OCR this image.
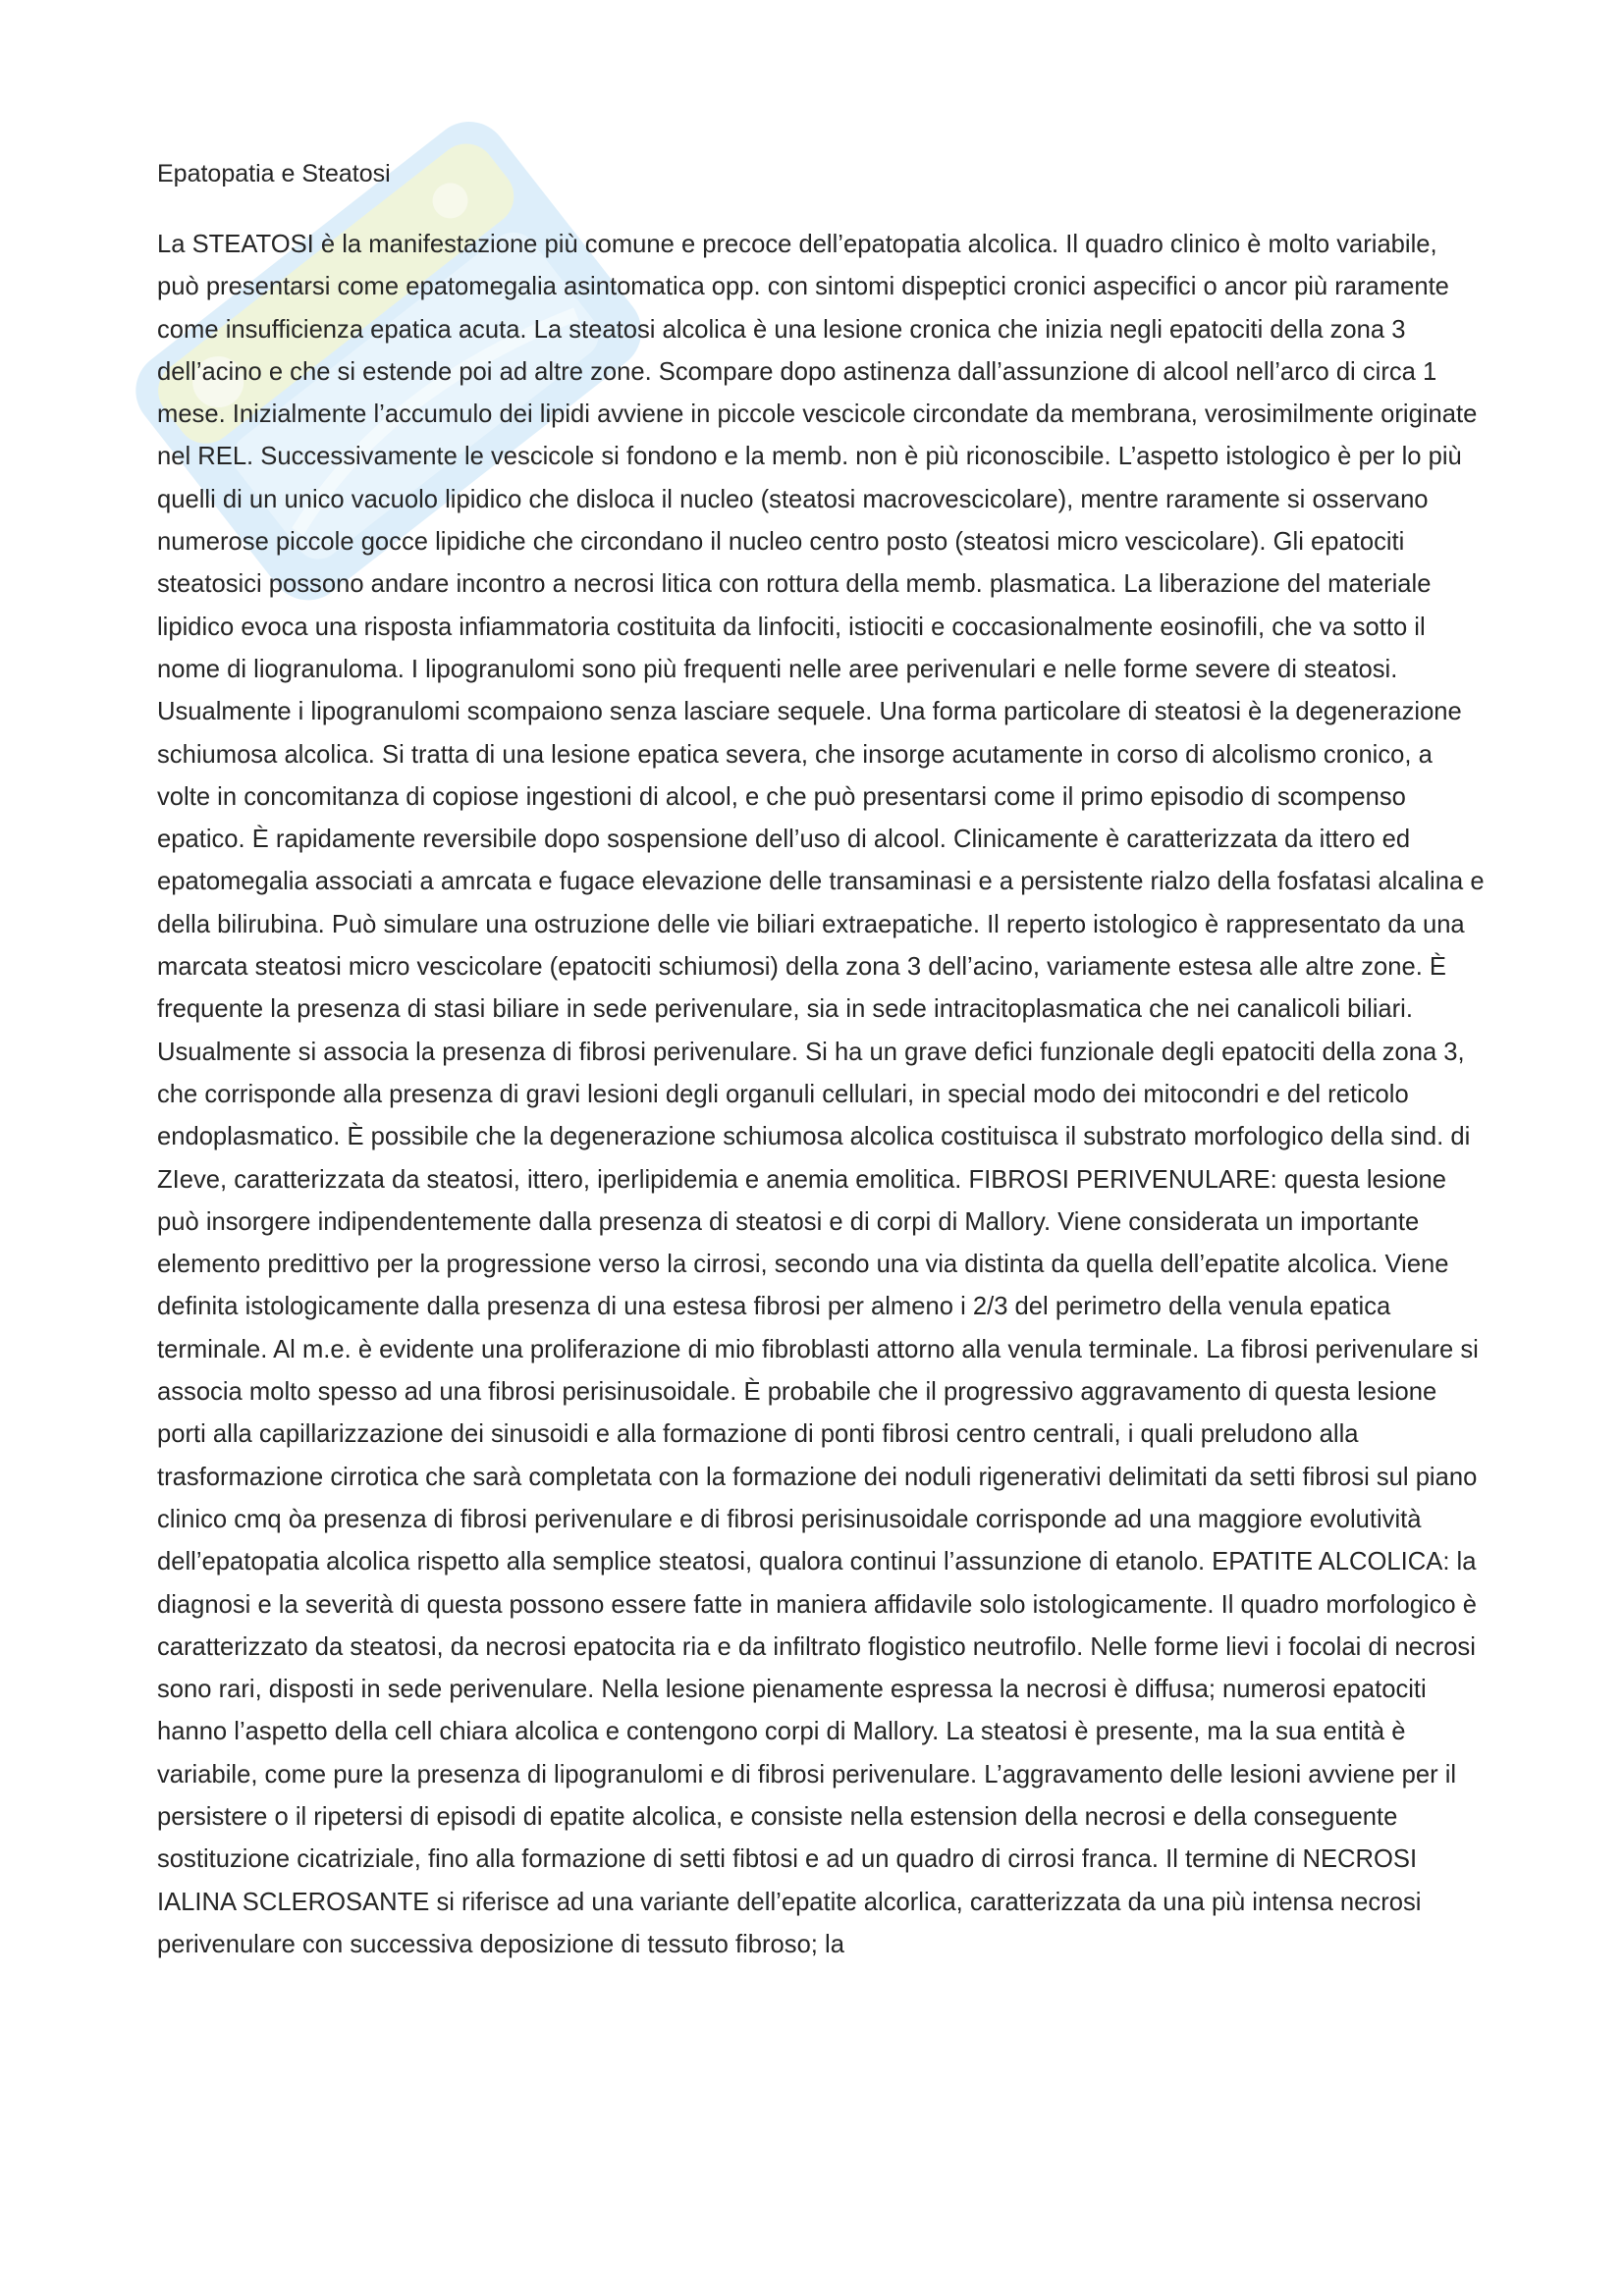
Epatopatia e Steatosi

La STEATOSI è la manifestazione più comune e precoce dell’epatopatia alcolica. Il quadro clinico è molto variabile, può presentarsi come epatomegalia asintomatica opp. con sintomi dispeptici cronici aspecifici o ancor più raramente come insufficienza epatica acuta. La steatosi alcolica è una lesione cronica che inizia negli epatociti della zona 3 dell’acino e che si estende poi ad altre zone. Scompare dopo astinenza dall’assunzione di alcool nell’arco di circa 1 mese. Inizialmente l’accumulo dei lipidi avviene in piccole vescicole circondate da membrana, verosimilmente originate nel REL. Successivamente le vescicole si fondono e la memb. non è più riconoscibile. L’aspetto istologico è per lo più quelli di un unico vacuolo lipidico che disloca il nucleo (steatosi macrovescicolare), mentre raramente si osservano numerose piccole gocce lipidiche che circondano il nucleo centro posto (steatosi micro vescicolare). Gli epatociti steatosici possono andare incontro a necrosi litica con rottura della memb. plasmatica. La liberazione del materiale lipidico evoca una risposta infiammatoria costituita da linfociti, istiociti e coccasionalmente eosinofili, che va sotto il nome di liogranuloma. I lipogranulomi sono più frequenti nelle aree perivenulari e nelle forme severe di steatosi. Usualmente i lipogranulomi scompaiono senza lasciare sequele. Una forma particolare di steatosi è la degenerazione schiumosa alcolica. Si tratta di una lesione epatica severa, che insorge acutamente in corso di alcolismo cronico, a volte in concomitanza di copiose ingestioni di alcool, e che può presentarsi come il primo episodio di scompenso epatico. È rapidamente reversibile dopo sospensione dell’uso di alcool. Clinicamente è caratterizzata da ittero ed epatomegalia associati a amrcata e fugace elevazione delle transaminasi e a persistente rialzo della fosfatasi alcalina e della bilirubina. Può simulare una ostruzione delle vie biliari extraepatiche. Il reperto istologico è rappresentato da una marcata steatosi micro vescicolare (epatociti schiumosi) della zona 3 dell’acino, variamente estesa alle altre zone. È frequente la presenza di stasi biliare in sede perivenulare, sia in sede intracitoplasmatica che nei canalicoli biliari. Usualmente si associa la presenza di fibrosi perivenulare. Si ha un grave defici funzionale degli epatociti della zona 3, che corrisponde alla presenza di gravi lesioni degli organuli cellulari, in special modo dei mitocondri e del reticolo endoplasmatico. È possibile che la degenerazione schiumosa alcolica costituisca il substrato morfologico della sind. di ZIeve, caratterizzata da steatosi, ittero, iperlipidemia e anemia emolitica. FIBROSI PERIVENULARE: questa lesione può insorgere indipendentemente dalla presenza di steatosi e di corpi di Mallory. Viene considerata un importante elemento predittivo per la progressione verso la cirrosi, secondo una via distinta da quella dell’epatite alcolica. Viene definita istologicamente dalla presenza di una estesa fibrosi per almeno i 2/3 del perimetro della venula epatica terminale. Al m.e. è evidente una proliferazione di mio fibroblasti attorno alla venula terminale. La fibrosi perivenulare si associa molto spesso ad una fibrosi perisinusoidale. È probabile che il progressivo aggravamento di questa lesione porti alla capillarizzazione dei sinusoidi e alla formazione di ponti fibrosi centro centrali, i quali preludono alla trasformazione cirrotica che sarà completata con la formazione dei noduli rigenerativi delimitati da setti fibrosi sul piano clinico cmq òa presenza di fibrosi perivenulare e di fibrosi perisinusoidale corrisponde ad una maggiore evolutività dell’epatopatia alcolica rispetto alla semplice steatosi, qualora continui l’assunzione di etanolo. EPATITE ALCOLICA: la diagnosi e la severità di questa possono essere fatte in maniera affidavile solo istologicamente. Il quadro morfologico è caratterizzato da steatosi, da necrosi epatocita ria e da infiltrato flogistico neutrofilo. Nelle forme lievi i focolai di necrosi sono rari, disposti in sede perivenulare. Nella lesione pienamente espressa la necrosi è diffusa; numerosi epatociti hanno l’aspetto della cell chiara alcolica e contengono corpi di Mallory. La steatosi è presente, ma la sua entità è variabile, come pure la presenza di lipogranulomi e di fibrosi perivenulare. L’aggravamento delle lesioni avviene per il persistere o il ripetersi di episodi di epatite alcolica, e consiste nella estension della necrosi e della conseguente sostituzione cicatriziale, fino alla formazione di setti fibtosi e ad un quadro di cirrosi franca. Il termine di NECROSI IALINA SCLEROSANTE si riferisce ad una variante dell’epatite alcorlica, caratterizzata da una più intensa necrosi perivenulare con successiva deposizione di tessuto fibroso; la
